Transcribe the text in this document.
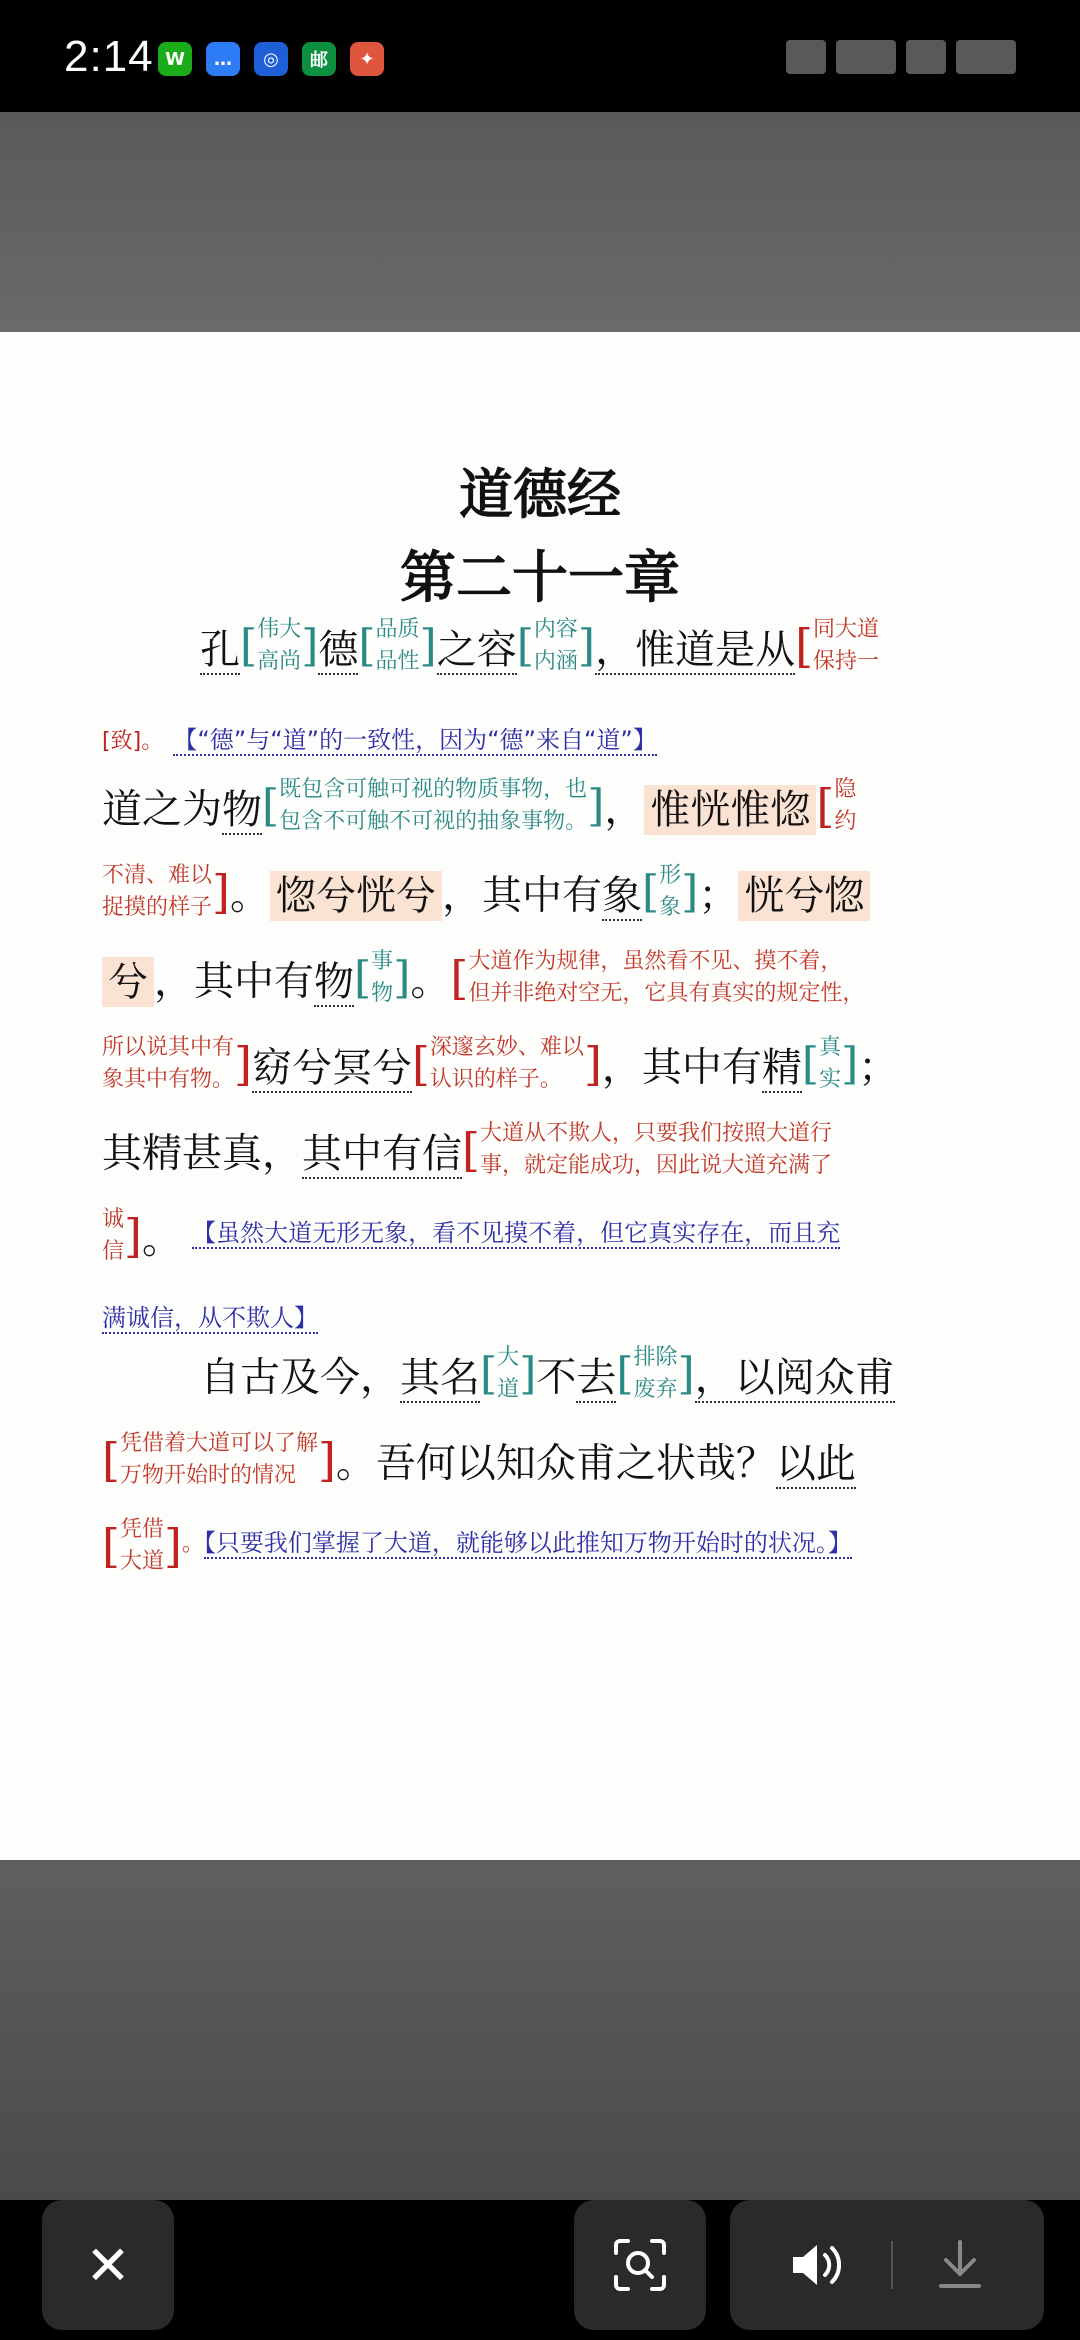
2:14 W	…	◎	邮	✦
道德经
第二十一章
孔[伟大
高尚]德[品质
品性]之容[内容
内涵]，惟道是从[同大道
保持一
[致]。 【“德”与“道”的一致性，因为“德”来自“道”】
道之为物[既包含可触可视的物质事物，也
包含不可触不可视的抽象事物。]， 惟恍惟惚 [隐
约
不清、难以
捉摸的样子]。 惚兮恍兮 ，其中有象[形
象]； 恍兮惚
兮 ，其中有物[事
物]。[大道作为规律，虽然看不见、摸不着，
但并非绝对空无，它具有真实的规定性，
所以说其中有
象其中有物。]窈兮冥兮[深邃玄妙、难以
认识的样子。 ]，其中有精[真
实]；
其精甚真，其中有信[大道从不欺人，只要我们按照大道行
事，就定能成功，因此说大道充满了
诚
信]。 【虽然大道无形无象，看不见摸不着，但它真实存在，而且充
满诚信，从不欺人】
自古及今，其名[大
道]不去[排除
废弃]，以阅众甫
[凭借着大道可以了解
万物开始时的情况 ]。吾何以知众甫之状哉？以此
[凭借
大道]。【只要我们掌握了大道，就能够以此推知万物开始时的状况。】
✕
